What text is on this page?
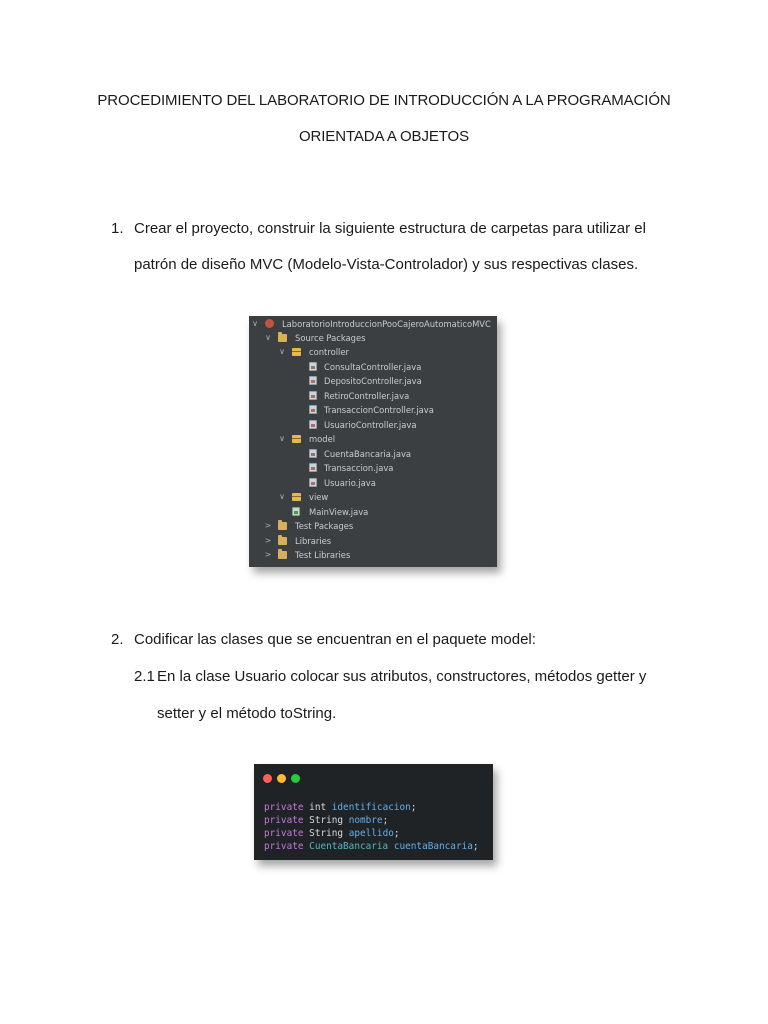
PROCEDIMIENTO DEL LABORATORIO DE INTRODUCCIÓN A LA PROGRAMACIÓN
ORIENTADA A OBJETOS
1. Crear el proyecto, construir la siguiente estructura de carpetas para utilizar el
patrón de diseño MVC (Modelo-Vista-Controlador) y sus respectivas clases.
∨	LaboratorioIntroduccionPooCajeroAutomaticoMVC
∨	Source Packages
∨	controller
ConsultaController.java
DepositoController.java
RetiroController.java
TransaccionController.java
UsuarioController.java
∨	model
CuentaBancaria.java
Transaccion.java
Usuario.java
∨	view
MainView.java
>	Test Packages
>	Libraries
>	Test Libraries
2. Codificar las clases que se encuentran en el paquete model:
2.1 En la clase Usuario colocar sus atributos, constructores, métodos getter y
setter y el método toString.
private int identificacion;
private String nombre;
private String apellido;
private CuentaBancaria cuentaBancaria;
